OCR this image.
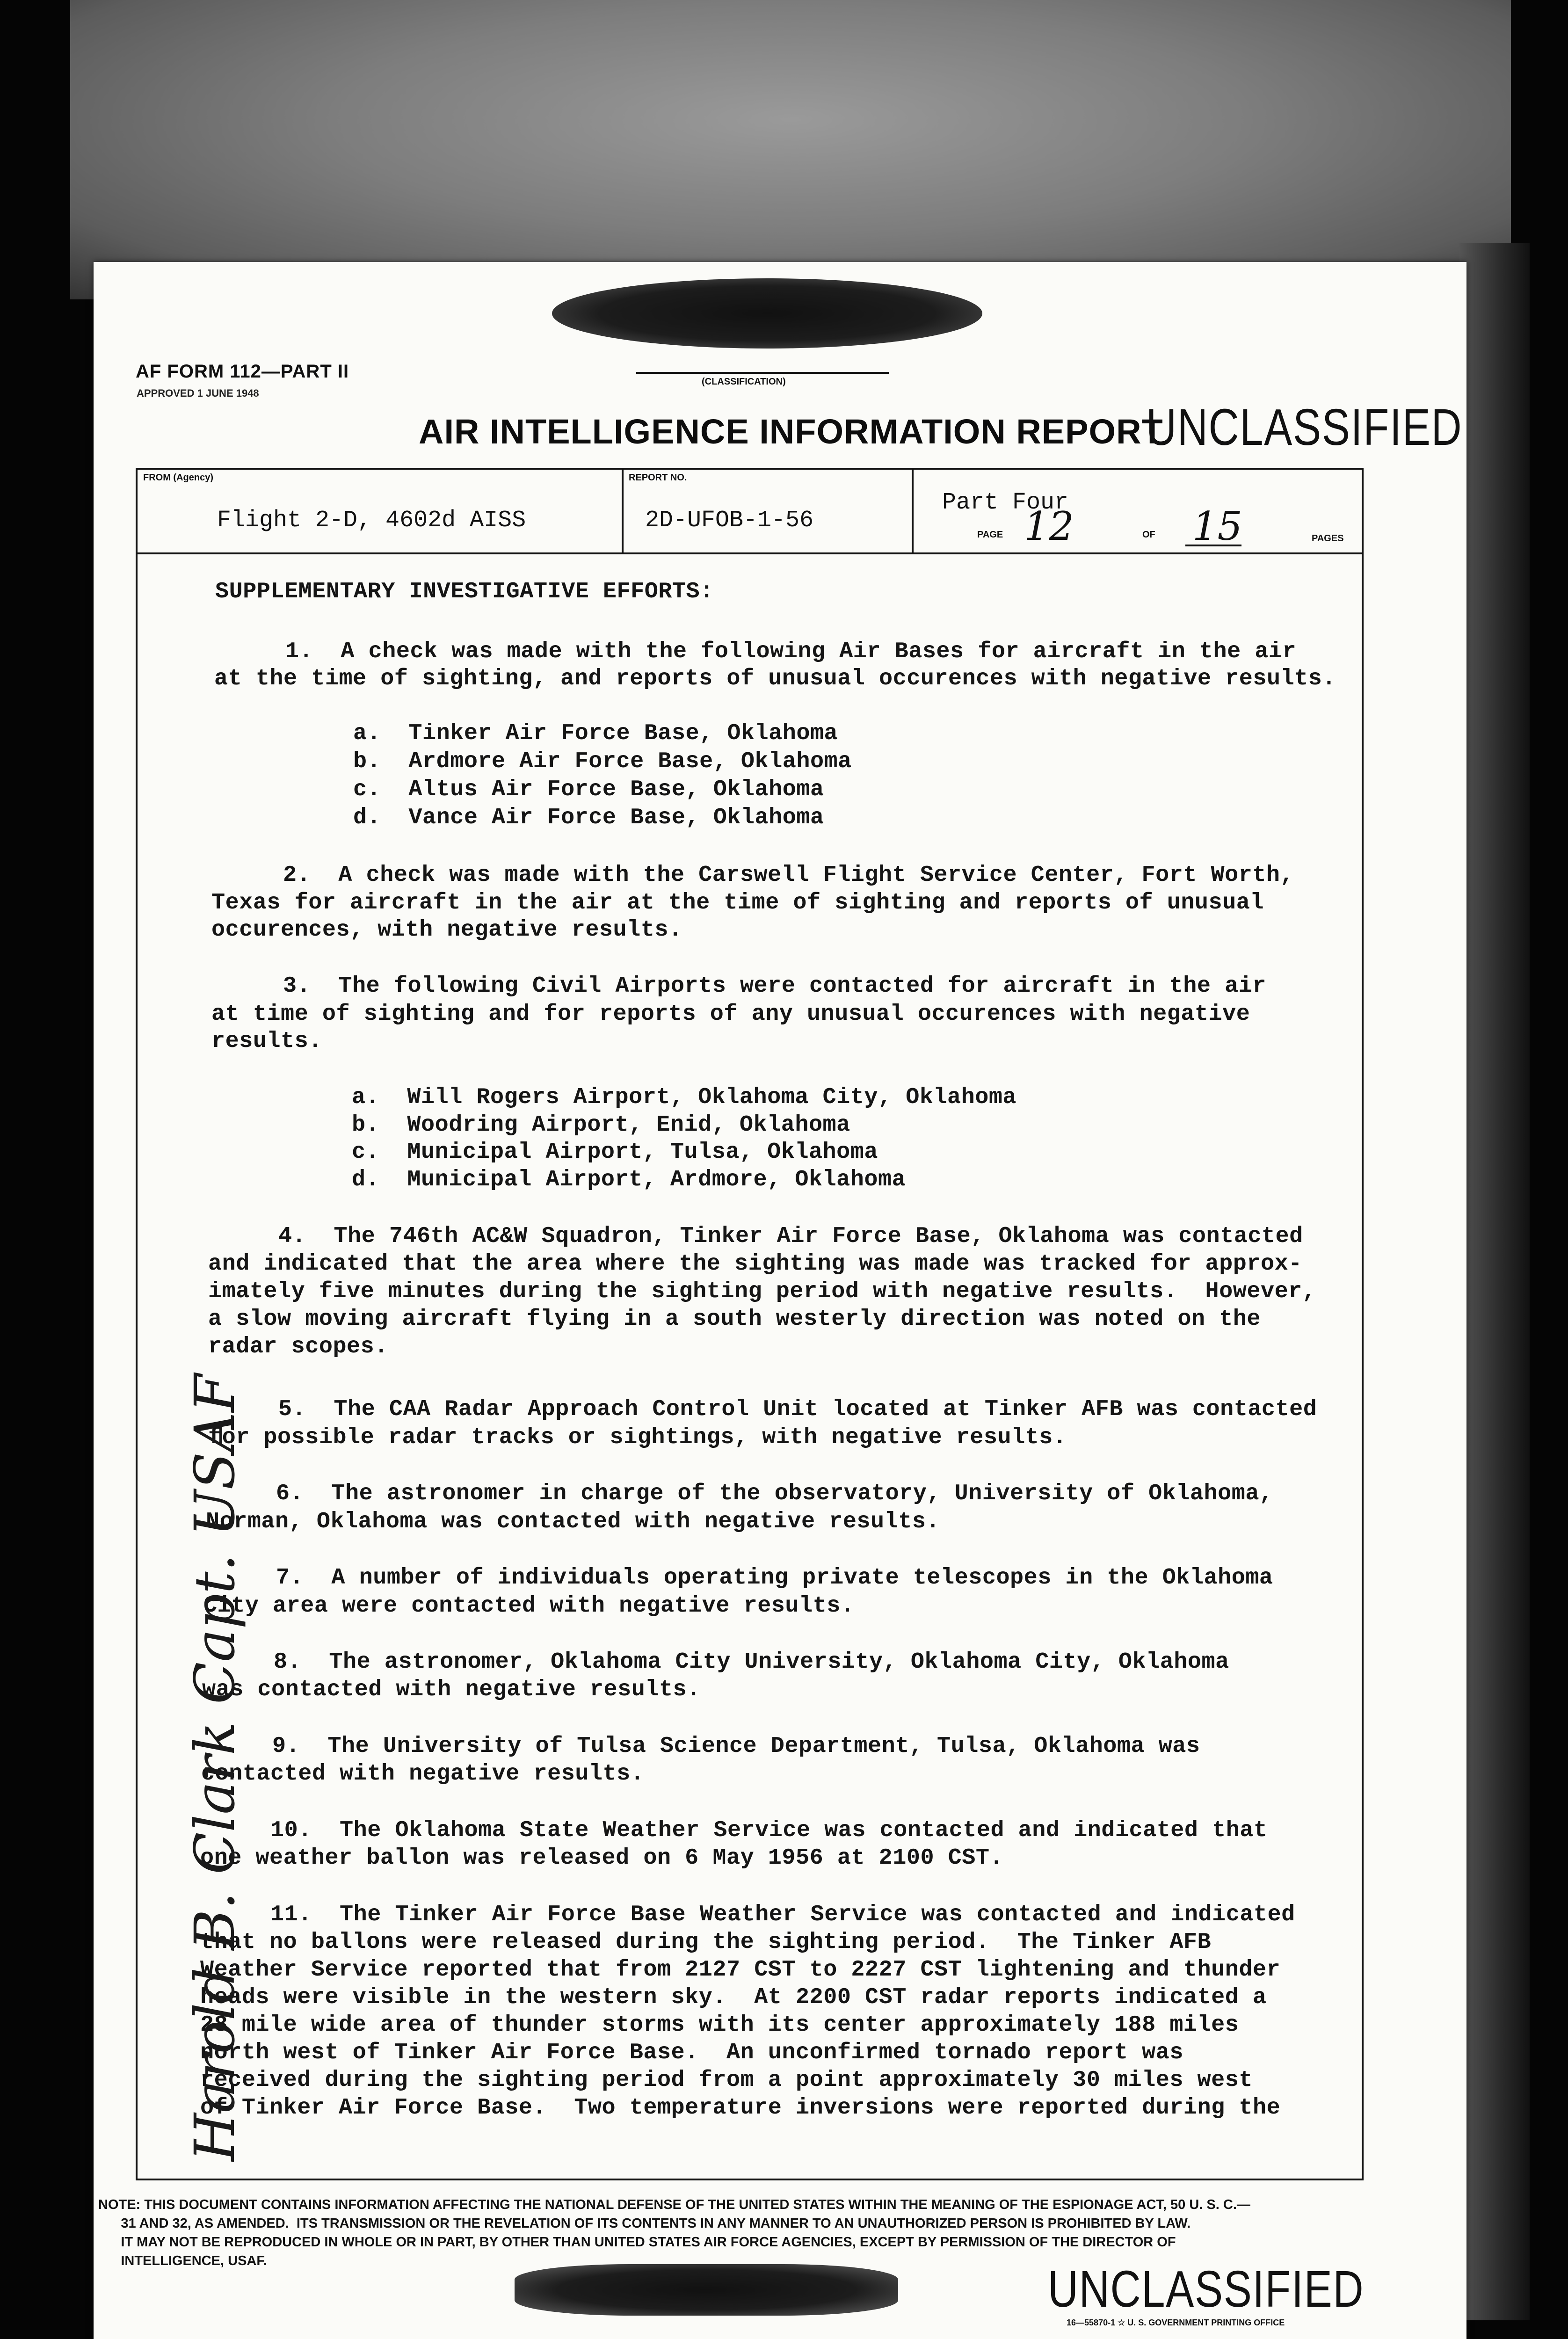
AF FORM 112—PART II
APPROVED 1 JUNE 1948
(CLASSIFICATION)
AIR INTELLIGENCE INFORMATION REPORT
UNCLASSIFIED
FROM (Agency)
Flight 2-D, 4602d AISS
REPORT NO.
2D-UFOB-1-56
Part Four
PAGE 12	OF 15	PAGES
SUPPLEMENTARY INVESTIGATIVE EFFORTS:
1.  A check was made with the following Air Bases for aircraft in the air
at the time of sighting, and reports of unusual occurences with negative results.
a.  Tinker Air Force Base, Oklahoma
b.  Ardmore Air Force Base, Oklahoma
c.  Altus Air Force Base, Oklahoma
d.  Vance Air Force Base, Oklahoma
2.  A check was made with the Carswell Flight Service Center, Fort Worth,
Texas for aircraft in the air at the time of sighting and reports of unusual
occurences, with negative results.
3.  The following Civil Airports were contacted for aircraft in the air
at time of sighting and for reports of any unusual occurences with negative
results.
a.  Will Rogers Airport, Oklahoma City, Oklahoma
b.  Woodring Airport, Enid, Oklahoma
c.  Municipal Airport, Tulsa, Oklahoma
d.  Municipal Airport, Ardmore, Oklahoma
4.  The 746th AC&W Squadron, Tinker Air Force Base, Oklahoma was contacted
and indicated that the area where the sighting was made was tracked for approx-
imately five minutes during the sighting period with negative results.  However,
a slow moving aircraft flying in a south westerly direction was noted on the
radar scopes.
5.  The CAA Radar Approach Control Unit located at Tinker AFB was contacted
for possible radar tracks or sightings, with negative results.
6.  The astronomer in charge of the observatory, University of Oklahoma,
Norman, Oklahoma was contacted with negative results.
7.  A number of individuals operating private telescopes in the Oklahoma
City area were contacted with negative results.
8.  The astronomer, Oklahoma City University, Oklahoma City, Oklahoma
was contacted with negative results.
9.  The University of Tulsa Science Department, Tulsa, Oklahoma was
contacted with negative results.
10.  The Oklahoma State Weather Service was contacted and indicated that
one weather ballon was released on 6 May 1956 at 2100 CST.
11.  The Tinker Air Force Base Weather Service was contacted and indicated
that no ballons were released during the sighting period.  The Tinker AFB
Weather Service reported that from 2127 CST to 2227 CST lightening and thunder
heads were visible in the western sky.  At 2200 CST radar reports indicated a
28 mile wide area of thunder storms with its center approximately 188 miles
north west of Tinker Air Force Base.  An unconfirmed tornado report was
received during the sighting period from a point approximately 30 miles west
of Tinker Air Force Base.  Two temperature inversions were reported during the
Harold B. Clark Capt. USAF
NOTE: THIS DOCUMENT CONTAINS INFORMATION AFFECTING THE NATIONAL DEFENSE OF THE UNITED STATES WITHIN THE MEANING OF THE ESPIONAGE ACT, 50 U. S. C.—
31 AND 32, AS AMENDED.  ITS TRANSMISSION OR THE REVELATION OF ITS CONTENTS IN ANY MANNER TO AN UNAUTHORIZED PERSON IS PROHIBITED BY LAW.
IT MAY NOT BE REPRODUCED IN WHOLE OR IN PART, BY OTHER THAN UNITED STATES AIR FORCE AGENCIES, EXCEPT BY PERMISSION OF THE DIRECTOR OF
INTELLIGENCE, USAF.	UNCLASSIFIED
16—55870-1 ☆ U. S. GOVERNMENT PRINTING OFFICE
